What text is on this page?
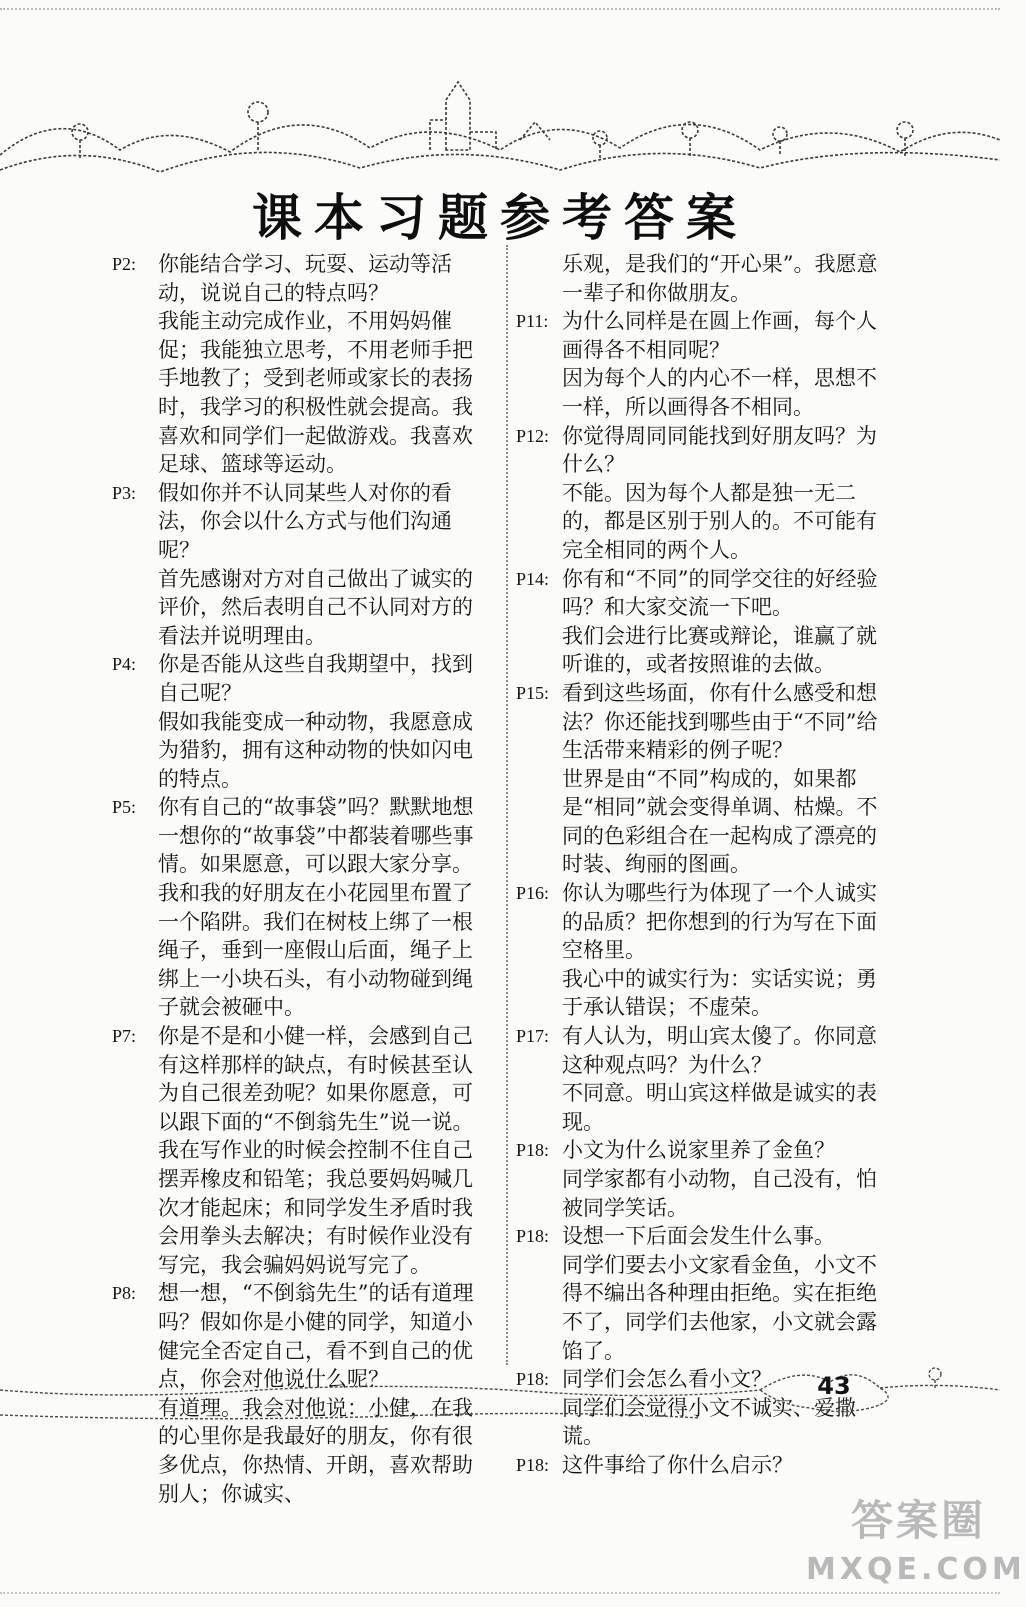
课本习题参考答案
P2:	你能结合学习、玩耍、运动等活动，说说自己的特点吗？
我能主动完成作业，不用妈妈催促；我能独立思考，不用老师手把手地教了；受到老师或家长的表扬时，我学习的积极性就会提高。我喜欢和同学们一起做游戏。我喜欢足球、篮球等运动。
P3:	假如你并不认同某些人对你的看法，你会以什么方式与他们沟通呢？
首先感谢对方对自己做出了诚实的评价，然后表明自己不认同对方的看法并说明理由。
P4:	你是否能从这些自我期望中，找到自己呢？
假如我能变成一种动物，我愿意成为猎豹，拥有这种动物的快如闪电的特点。
P5:	你有自己的“故事袋”吗？默默地想一想你的“故事袋”中都装着哪些事情。如果愿意，可以跟大家分享。
我和我的好朋友在小花园里布置了一个陷阱。我们在树枝上绑了一根绳子，垂到一座假山后面，绳子上绑上一小块石头，有小动物碰到绳子就会被砸中。
P7:	你是不是和小健一样，会感到自己有这样那样的缺点，有时候甚至认为自己很差劲呢？如果你愿意，可以跟下面的“不倒翁先生”说一说。
我在写作业的时候会控制不住自己摆弄橡皮和铅笔；我总要妈妈喊几次才能起床；和同学发生矛盾时我会用拳头去解决；有时候作业没有写完，我会骗妈妈说写完了。
P8:	想一想，“不倒翁先生”的话有道理吗？假如你是小健的同学，知道小健完全否定自己，看不到自己的优点，你会对他说什么呢？
有道理。我会对他说：小健，在我的心里你是我最好的朋友，你有很多优点，你热情、开朗，喜欢帮助别人；你诚实、
乐观，是我们的“开心果”。我愿意一辈子和你做朋友。
P11: 为什么同样是在圆上作画，每个人画得各不相同呢？
因为每个人的内心不一样，思想不一样，所以画得各不相同。
P12: 你觉得周同同能找到好朋友吗？为什么？
不能。因为每个人都是独一无二的，都是区别于别人的。不可能有完全相同的两个人。
P14: 你有和“不同”的同学交往的好经验吗？和大家交流一下吧。
我们会进行比赛或辩论，谁赢了就听谁的，或者按照谁的去做。
P15: 看到这些场面，你有什么感受和想法？你还能找到哪些由于“不同”给生活带来精彩的例子呢？
世界是由“不同”构成的，如果都是“相同”就会变得单调、枯燥。不同的色彩组合在一起构成了漂亮的时装、绚丽的图画。
P16: 你认为哪些行为体现了一个人诚实的品质？把你想到的行为写在下面空格里。
我心中的诚实行为：实话实说；勇于承认错误；不虚荣。
P17: 有人认为，明山宾太傻了。你同意这种观点吗？为什么？
不同意。明山宾这样做是诚实的表现。
P18: 小文为什么说家里养了金鱼？
同学家都有小动物，自己没有，怕被同学笑话。
P18: 设想一下后面会发生什么事。
同学们要去小文家看金鱼，小文不得不编出各种理由拒绝。实在拒绝不了，同学们去他家，小文就会露馅了。
P18: 同学们会怎么看小文？
同学们会觉得小文不诚实、爱撒谎。
P18: 这件事给了你什么启示？
43
答案圈
MXQE.COM
